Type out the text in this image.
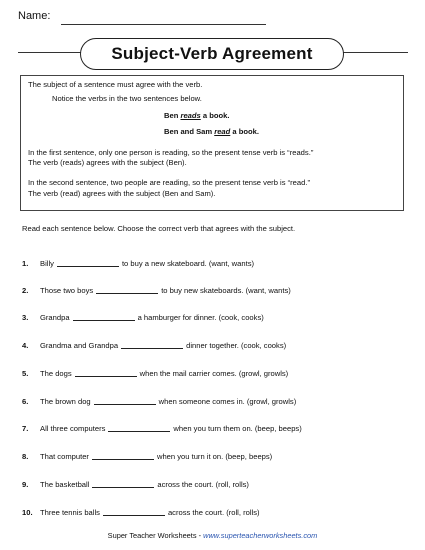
Name:
Subject-Verb Agreement

The subject of a sentence must agree with the verb.

Notice the verbs in the two sentences below.

Ben reads a book.

Ben and Sam read a book.

In the first sentence, only one person is reading, so the present tense verb is “reads.”

The verb (reads) agrees with the subject (Ben).

In the second sentence, two people are reading, so the present tense verb is “read.”

The verb (read) agrees with the subject (Ben and Sam).

Read each sentence below. Choose the correct verb that agrees with the subject.
1. Billy	to buy a new skateboard. (want, wants)
2. Those two boys	to buy new skateboards. (want, wants)
3. Grandpa	a hamburger for dinner. (cook, cooks)
4. Grandma and Grandpa	dinner together. (cook, cooks)
5. The dogs	when the mail carrier comes. (growl, growls)
6. The brown dog	when someone comes in. (growl, growls)
7. All three computers	when you turn them on. (beep, beeps)
8. That computer	when you turn it on. (beep, beeps)
9. The basketball	across the court. (roll, rolls)
10. Three tennis balls	across the court. (roll, rolls)
Super Teacher Worksheets - www.superteacherworksheets.com
